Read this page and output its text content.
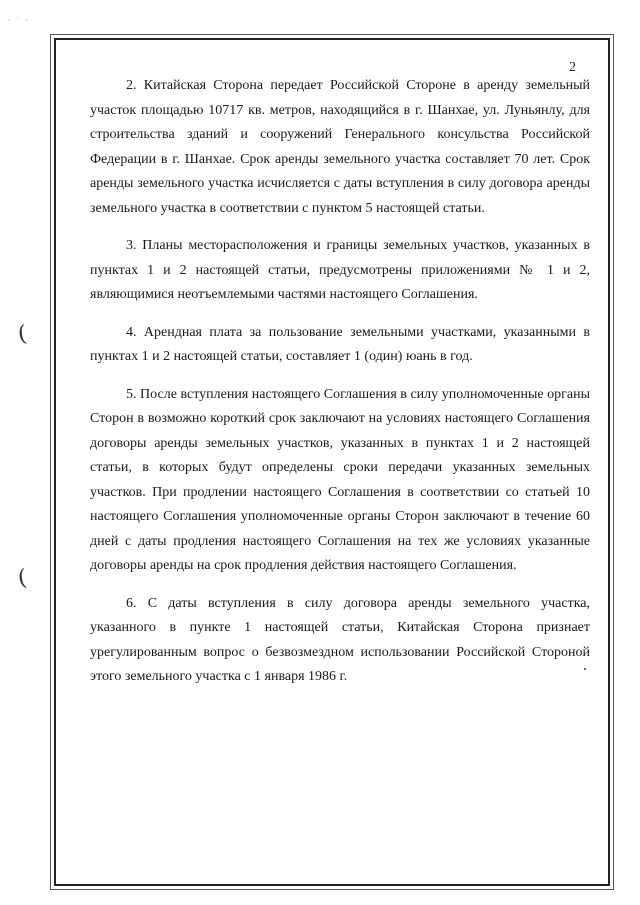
· ˙ ·
(
(
2

2. Китайская Сторона передает Российской Стороне в аренду земельный участок площадью 10717 кв. метров, находящийся в г. Шанхае, ул. Луньянлу, для строительства зданий и сооружений Генерального консульства Российской Федерации в г. Шанхае. Срок аренды земельного участка составляет 70 лет. Срок аренды земельного участка исчисляется с даты вступления в силу договора аренды земельного участка в соответствии с пунктом 5 настоящей статьи.

3. Планы месторасположения и границы земельных участков, указанных в пунктах 1 и 2 настоящей статьи, предусмотрены приложениями № 1 и 2, являющимися неотъемлемыми частями настоящего Соглашения.

4. Арендная плата за пользование земельными участками, указанными в пунктах 1 и 2 настоящей статьи, составляет 1 (один) юань в год.

5. После вступления настоящего Соглашения в силу уполномоченные органы Сторон в возможно короткий срок заключают на условиях настоящего Соглашения договоры аренды земельных участков, указанных в пунктах 1 и 2 настоящей статьи, в которых будут определены сроки передачи указанных земельных участков. При продлении настоящего Соглашения в соответствии со статьей 10 настоящего Соглашения уполномоченные органы Сторон заключают в течение 60 дней с даты продления настоящего Соглашения на тех же условиях указанные договоры аренды на срок продления действия настоящего Соглашения.

6. С даты вступления в силу договора аренды земельного участка, указанного в пункте 1 настоящей статьи, Китайская Сторона признает урегулированным вопрос о безвозмездном использовании Российской Стороной этого земельного участка с 1 января 1986 г.
